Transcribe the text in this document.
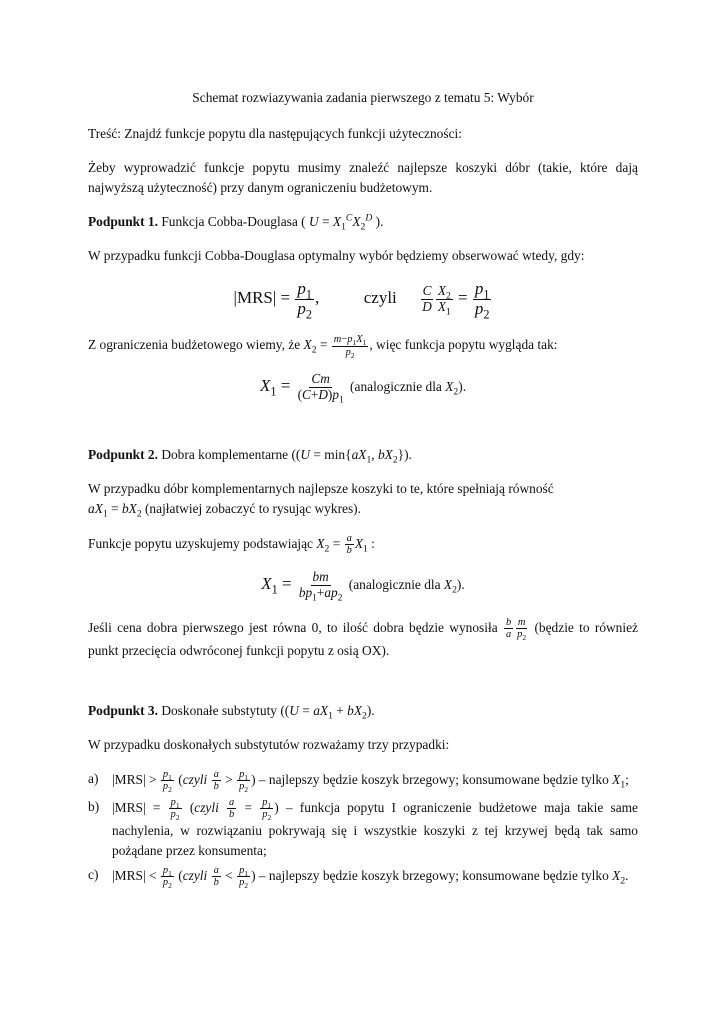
Schemat rozwiazywania zadania pierwszego z tematu 5: Wybór

Treść: Znajdź funkcje popytu dla następujących funkcji użyteczności:

Żeby wyprowadzić funkcje popytu musimy znaleźć najlepsze koszyki dóbr (takie, które dają najwyższą użyteczność) przy danym ograniczeniu budżetowym.

Podpunkt 1. Funkcja Cobba-Douglasa ( $U = X_1^CX_2^D$ ).

W przypadku funkcji Cobba-Douglasa optymalny wybór będziemy obserwować wtedy, gdy:

$|MRS| = \frac{p_1}{p_2}$ ,  czyli $\frac{C}{D} \frac{X_2}{X_1} = \frac{p_1}{p_2}$

Z ograniczenia budżetowego wiemy, że $X_2 = \frac{m-p_1X_1}{p_2}$ , więc funkcja popytu wygląda tak:

$X_1 = \frac{Cm}{(C+D)p_1}$ (analogicznie dla $X_2$).

Podpunkt 2. Dobra komplementarne (($U = \min\{aX_1$, $bX_2$}).

W przypadku dóbr komplementarnych najlepsze koszyki to te, które spełniają równość
$aX_1 = bX_2$ (najłatwiej zobaczyć to rysując wykres).

Funkcje popytu uzyskujemy podstawiając $X_2 = \frac{a}{b} X_1$ :

$X_1 = \frac{bm}{bp_1+ap_2}$ (analogicznie dla $X_2$).

Jeśli cena dobra pierwszego jest równa 0, to ilość dobra będzie wynosiła $\frac{b}{a} \frac{m}{p_2}$ (będzie to również punkt przecięcia odwróconej funkcji popytu z osią OX).

Podpunkt 3. Doskonałe substytuty ($(U = aX_1 + bX_2)$.

W przypadku doskonałych substytutów rozważamy trzy przypadki:

a)	$|MRS| > \frac{p_1}{p_2}$ (czyli $\frac{a}{b} > \frac{p_1}{p_2}$ ) – najlepszy będzie koszyk brzegowy; konsumowane będzie tylko $X_1$;
b) $|MRS| = \frac{p_1}{p_2}$ (czyli $\frac{a}{b} = \frac{p_1}{p_2}$ ) – funkcja popytu I ograniczenie budżetowe maja takie same nachylenia, w rozwiązaniu pokrywają się i wszystkie koszyki z tej krzywej będą tak samo pożądane przez konsumenta;
c)	$|MRS| < \frac{p_1}{p_2}$ (czyli $\frac{a}{b} < \frac{p_1}{p_2}$ ) – najlepszy będzie koszyk brzegowy; konsumowane będzie tylko $X_2$.
